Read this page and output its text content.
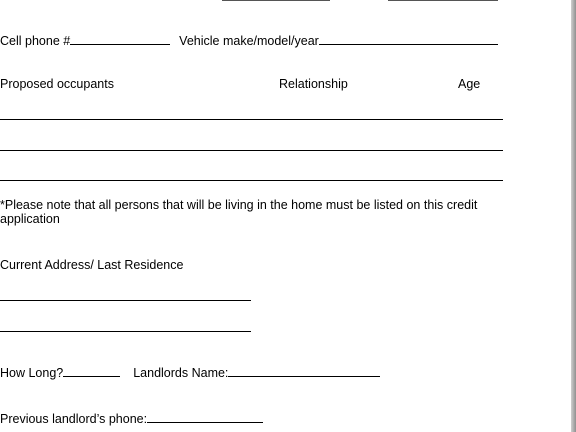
Cell phone #	Vehicle make/model/year
Proposed occupants	Relationship	Age
*Please note that all persons that will be living in the home must be listed on this credit
application
Current Address/ Last Residence
How Long?	Landlords Name:
Previous landlord’s phone:
